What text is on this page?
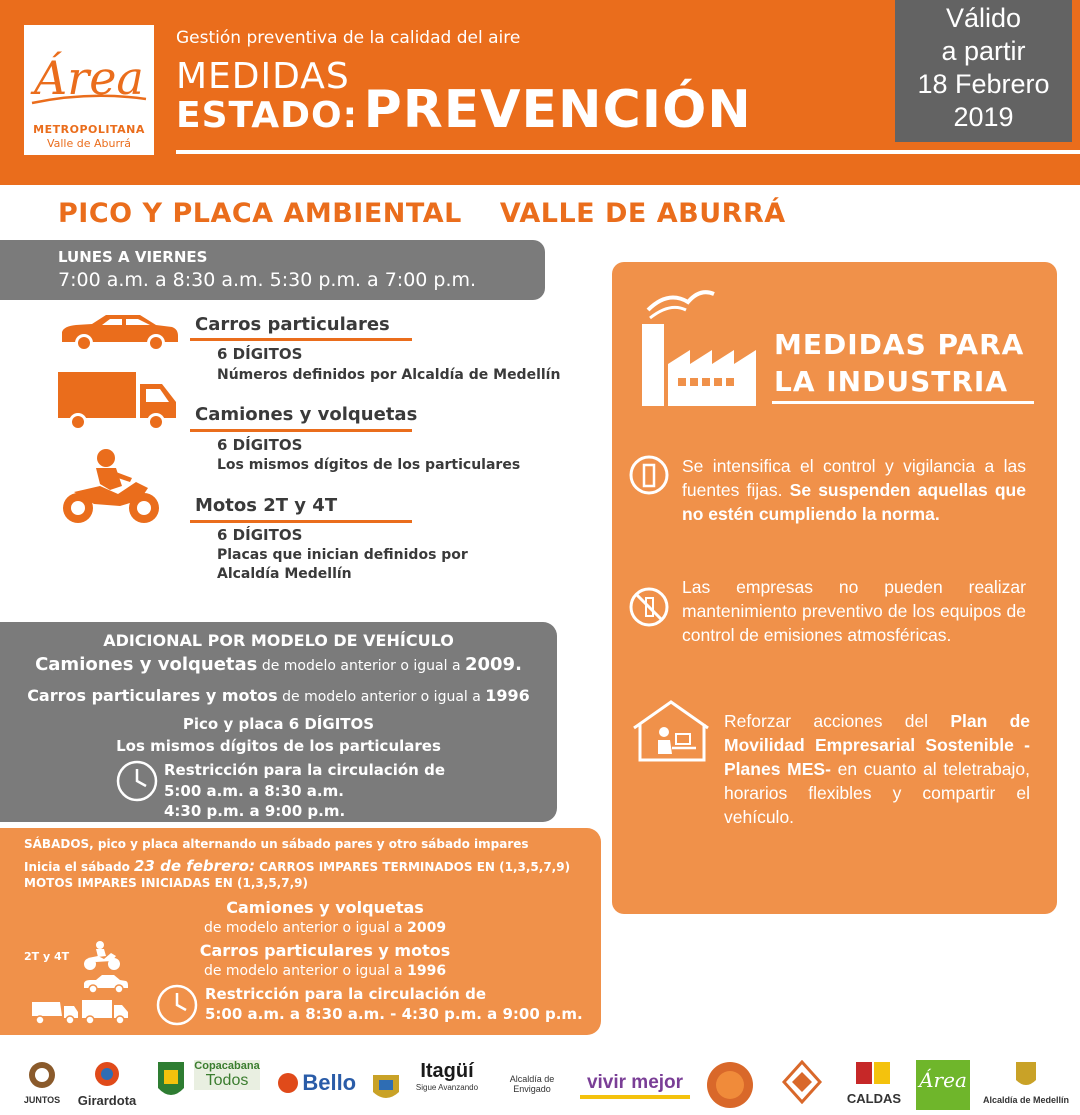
Área
METROPOLITANA
Valle de Aburrá
Gestión preventiva de la calidad del aire
MEDIDAS
ESTADO: PREVENCIÓN
Válido
a partir
18 Febrero
2019
PICO Y PLACA AMBIENTAL VALLE DE ABURRÁ
LUNES A VIERNES
7:00 a.m. a 8:30 a.m. 5:30 p.m. a 7:00 p.m.
Carros particulares
6 DÍGITOS
Números definidos por Alcaldía de Medellín
Camiones y volquetas
6 DÍGITOS
Los mismos dígitos de los particulares
Motos 2T y 4T
6 DÍGITOS
Placas que inician definidos por
Alcaldía Medellín
ADICIONAL POR MODELO DE VEHÍCULO
Camiones y volquetas de modelo anterior o igual a 2009.
Carros particulares y motos de modelo anterior o igual a 1996
Pico y placa 6 DÍGITOS
Los mismos dígitos de los particulares
Restricción para la circulación de
5:00 a.m. a 8:30 a.m.
4:30 p.m. a 9:00 p.m.
SÁBADOS, pico y placa alternando un sábado pares y otro sábado impares
Inicia el sábado 23 de febrero: CARROS IMPARES TERMINADOS EN (1,3,5,7,9)
MOTOS IMPARES INICIADAS EN (1,3,5,7,9)
2T y 4T
Camiones y volquetas
de modelo anterior o igual a 2009
Carros particulares y motos
de modelo anterior o igual a 1996
Restricción para la circulación de
5:00 a.m. a 8:30 a.m. - 4:30 p.m. a 9:00 p.m.
MEDIDAS PARA
LA INDUSTRIA
Se intensifica el control y vigilancia a las fuentes fijas. Se suspenden aquellas que no estén cumpliendo la norma.
Las empresas no pueden realizar mantenimiento preventivo de los equipos de control de emisiones atmosféricas.
Reforzar acciones del Plan de Movilidad Empresarial Sostenible -Planes MES- en cuanto al teletrabajo, horarios flexibles y compartir el vehículo.
JUNTOS	Girardota
Copacabana
Todos	Bello	Itagüí
Sigue Avanzando
Alcaldía de Envigado	vivir mejor
CALDAS
Área
Alcaldía de Medellín
